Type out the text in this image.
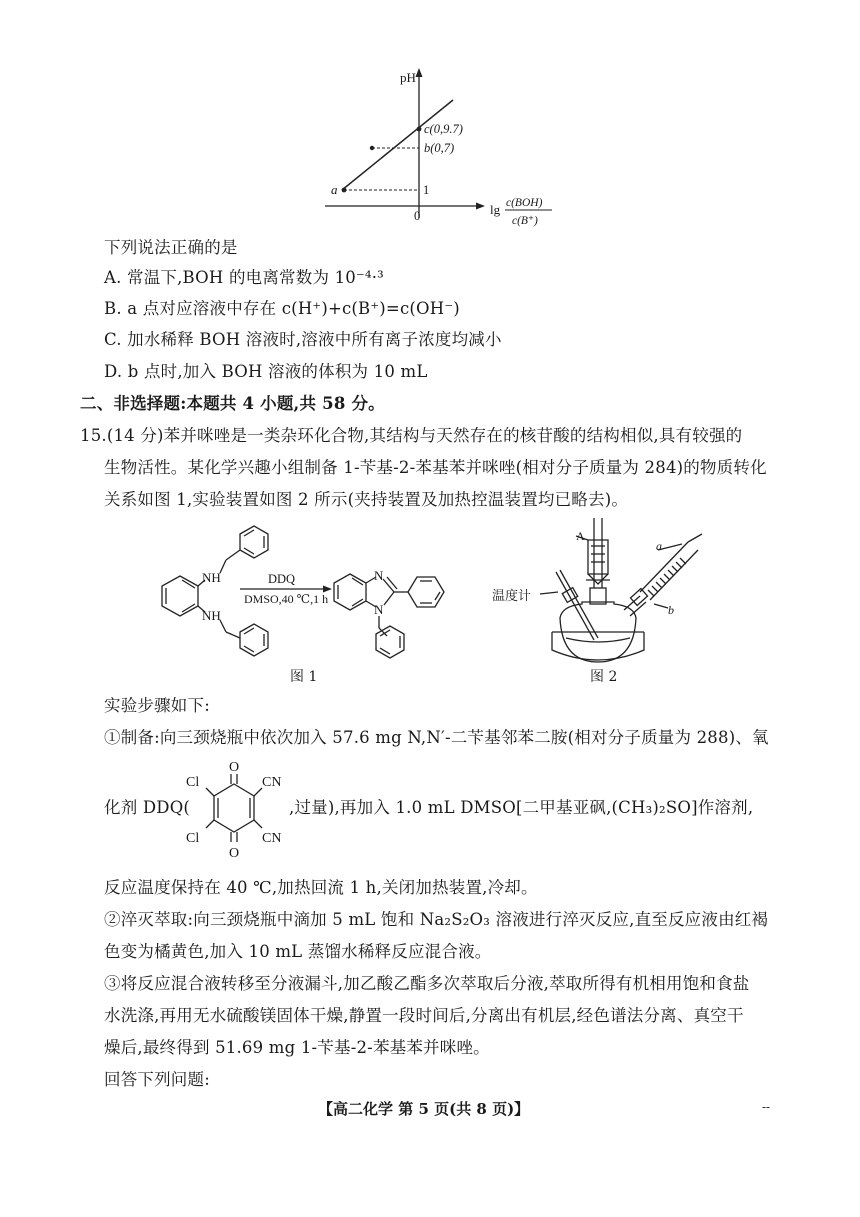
pH
c(0,9.7)
b(0,7)
a	1
0	lg c(BOH)
c(B⁺)
下列说法正确的是
A. 常温下,BOH 的电离常数为 10⁻⁴·³
B. a 点对应溶液中存在 c(H⁺)+c(B⁺)=c(OH⁻)
C. 加水稀释 BOH 溶液时,溶液中所有离子浓度均减小
D. b 点时,加入 BOH 溶液的体积为 10 mL
二、非选择题:本题共 4 小题,共 58 分。
15.(14 分)苯并咪唑是一类杂环化合物,其结构与天然存在的核苷酸的结构相似,具有较强的
生物活性。某化学兴趣小组制备 1-苄基-2-苯基苯并咪唑(相对分子质量为 284)的物质转化
关系如图 1,实验装置如图 2 所示(夹持装置及加热控温装置均已略去)。
NH
NH
DDQ
DMSO,40 ℃,1 h
N
N
图 1
A
a
b
温度计
图 2
实验步骤如下:
①制备:向三颈烧瓶中依次加入 57.6 mg N,N′-二苄基邻苯二胺(相对分子质量为 288)、氧
化剂 DDQ(
Cl
Cl
O
O
CN
CN
,过量),再加入 1.0 mL DMSO[二甲基亚砜,(CH₃)₂SO]作溶剂,
反应温度保持在 40 ℃,加热回流 1 h,关闭加热装置,冷却。
②淬灭萃取:向三颈烧瓶中滴加 5 mL 饱和 Na₂S₂O₃ 溶液进行淬灭反应,直至反应液由红褐
色变为橘黄色,加入 10 mL 蒸馏水稀释反应混合液。
③将反应混合液转移至分液漏斗,加乙酸乙酯多次萃取后分液,萃取所得有机相用饱和食盐
水洗涤,再用无水硫酸镁固体干燥,静置一段时间后,分离出有机层,经色谱法分离、真空干
燥后,最终得到 51.69 mg 1-苄基-2-苯基苯并咪唑。
回答下列问题:
【高二化学 第 5 页(共 8 页)】	--
